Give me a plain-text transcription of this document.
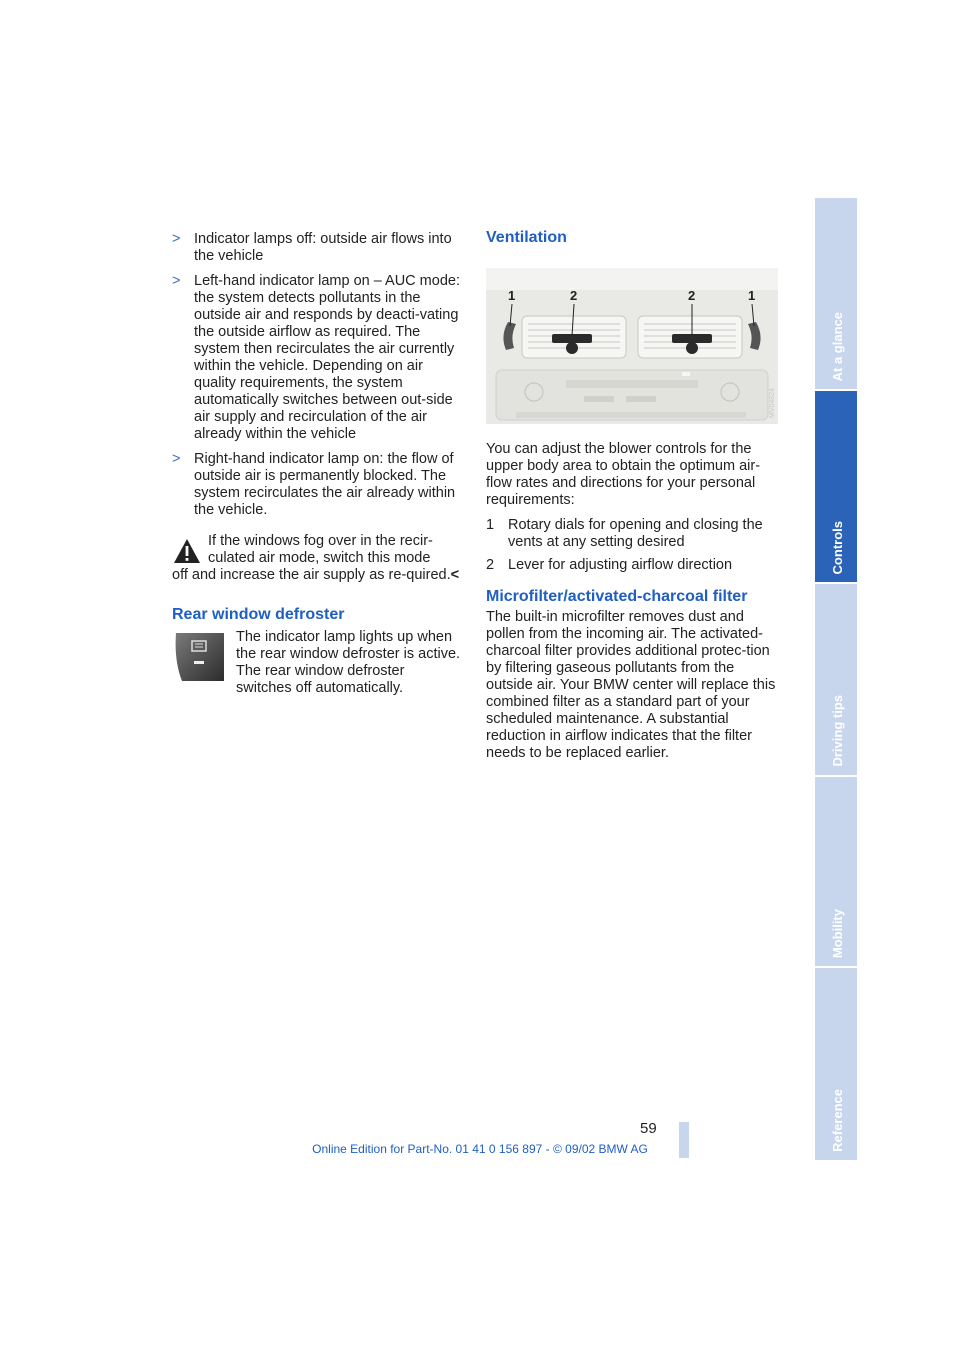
> Indicator lamps off: outside air flows into the vehicle
> Left-hand indicator lamp on – AUC mode: the system detects pollutants in the outside air and responds by deacti-vating the outside airflow as required. The system then recirculates the air currently within the vehicle. Depending on air quality requirements, the system automatically switches between out-side air supply and recirculation of the air already within the vehicle
> Right-hand indicator lamp on: the flow of outside air is permanently blocked. The system recirculates the air already within the vehicle.
If the windows fog over in the recir-culated air mode, switch this mode
off and increase the air supply as re-quired.<
Rear window defroster
The indicator lamp lights up when the rear window defroster is active. The rear window defroster switches off automatically.
Ventilation
MV04824
1	2	2	1

You can adjust the blower controls for the upper body area to obtain the optimum air-flow rates and directions for your personal requirements:

1 Rotary dials for opening and closing the vents at any setting desired
2 Lever for adjusting airflow direction
Microfilter/activated-charcoal filter

The built-in microfilter removes dust and pollen from the incoming air. The activated-charcoal filter provides additional protec-tion by filtering gaseous pollutants from the outside air. Your BMW center will replace this combined filter as a standard part of your scheduled maintenance. A substantial reduction in airflow indicates that the filter needs to be replaced earlier.

At a glance
Controls
Driving tips
Mobility
Reference
59
Online Edition for Part-No. 01 41 0 156 897 - © 09/02 BMW AG
